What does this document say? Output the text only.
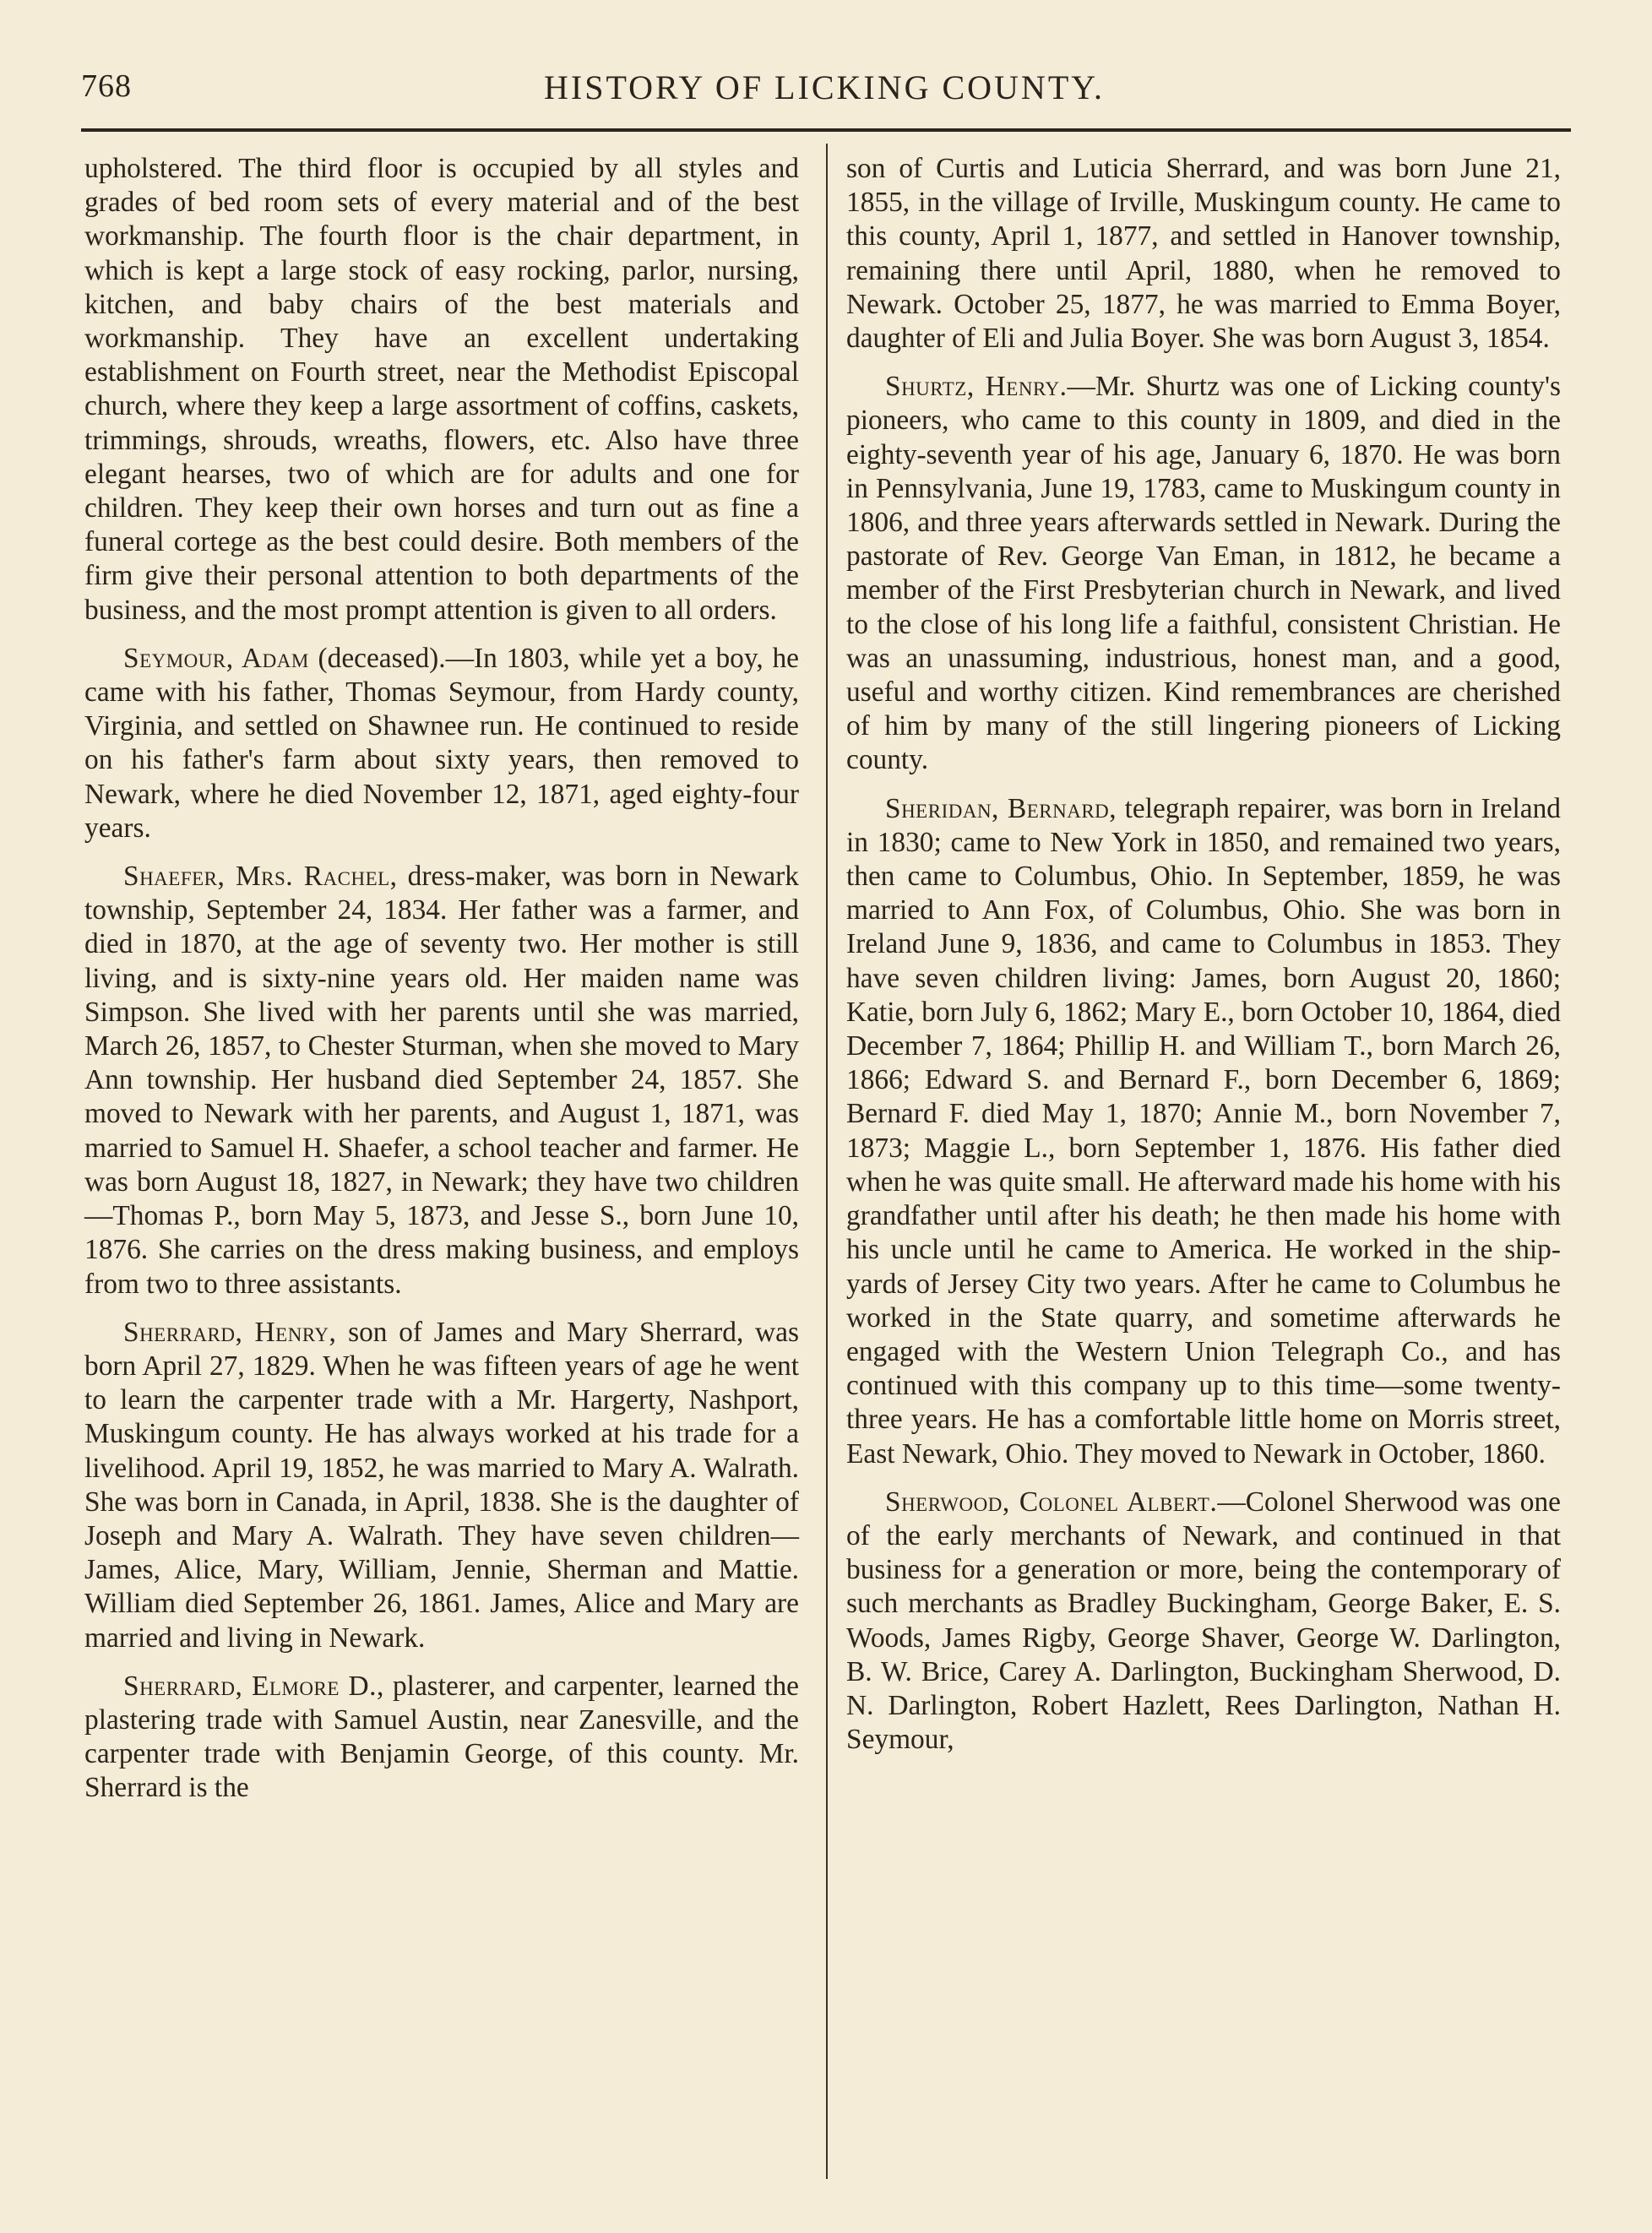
HISTORY OF LICKING COUNTY.
768

upholstered. The third floor is occupied by all styles and grades of bed room sets of every material and of the best workmanship. The fourth floor is the chair department, in which is kept a large stock of easy rocking, parlor, nursing, kitchen, and baby chairs of the best materials and workmanship. They have an excellent undertaking establishment on Fourth street, near the Methodist Episcopal church, where they keep a large assortment of coffins, caskets, trimmings, shrouds, wreaths, flowers, etc. Also have three elegant hearses, two of which are for adults and one for children. They keep their own horses and turn out as fine a funeral cortege as the best could desire. Both members of the firm give their personal attention to both departments of the business, and the most prompt attention is given to all orders.

Seymour, Adam (deceased).—In 1803, while yet a boy, he came with his father, Thomas Seymour, from Hardy county, Virginia, and settled on Shawnee run. He continued to reside on his father's farm about sixty years, then removed to Newark, where he died November 12, 1871, aged eighty-four years.

Shaefer, Mrs. Rachel, dress-maker, was born in Newark township, September 24, 1834. Her father was a farmer, and died in 1870, at the age of seventy two. Her mother is still living, and is sixty-nine years old. Her maiden name was Simpson. She lived with her parents until she was married, March 26, 1857, to Chester Sturman, when she moved to Mary Ann township. Her husband died September 24, 1857. She moved to Newark with her parents, and August 1, 1871, was married to Samuel H. Shaefer, a school teacher and farmer. He was born August 18, 1827, in Newark; they have two children—Thomas P., born May 5, 1873, and Jesse S., born June 10, 1876. She carries on the dress making business, and employs from two to three assistants.

Sherrard, Henry, son of James and Mary Sherrard, was born April 27, 1829. When he was fifteen years of age he went to learn the carpenter trade with a Mr. Hargerty, Nashport, Muskingum county. He has always worked at his trade for a livelihood. April 19, 1852, he was married to Mary A. Walrath. She was born in Canada, in April, 1838. She is the daughter of Joseph and Mary A. Walrath. They have seven children—James, Alice, Mary, William, Jennie, Sherman and Mattie. William died September 26, 1861. James, Alice and Mary are married and living in Newark.

Sherrard, Elmore D., plasterer, and carpenter, learned the plastering trade with Samuel Austin, near Zanesville, and the carpenter trade with Benjamin George, of this county. Mr. Sherrard is the

son of Curtis and Luticia Sherrard, and was born June 21, 1855, in the village of Irville, Muskingum county. He came to this county, April 1, 1877, and settled in Hanover township, remaining there until April, 1880, when he removed to Newark. October 25, 1877, he was married to Emma Boyer, daughter of Eli and Julia Boyer. She was born August 3, 1854.

Shurtz, Henry.—Mr. Shurtz was one of Licking county's pioneers, who came to this county in 1809, and died in the eighty-seventh year of his age, January 6, 1870. He was born in Pennsylvania, June 19, 1783, came to Muskingum county in 1806, and three years afterwards settled in Newark. During the pastorate of Rev. George Van Eman, in 1812, he became a member of the First Presbyterian church in Newark, and lived to the close of his long life a faithful, consistent Christian. He was an unassuming, industrious, honest man, and a good, useful and worthy citizen. Kind remembrances are cherished of him by many of the still lingering pioneers of Licking county.

Sheridan, Bernard, telegraph repairer, was born in Ireland in 1830; came to New York in 1850, and remained two years, then came to Columbus, Ohio. In September, 1859, he was married to Ann Fox, of Columbus, Ohio. She was born in Ireland June 9, 1836, and came to Columbus in 1853. They have seven children living: James, born August 20, 1860; Katie, born July 6, 1862; Mary E., born October 10, 1864, died December 7, 1864; Phillip H. and William T., born March 26, 1866; Edward S. and Bernard F., born December 6, 1869; Bernard F. died May 1, 1870; Annie M., born November 7, 1873; Maggie L., born September 1, 1876. His father died when he was quite small. He afterward made his home with his grandfather until after his death; he then made his home with his uncle until he came to America. He worked in the ship-yards of Jersey City two years. After he came to Columbus he worked in the State quarry, and sometime afterwards he engaged with the Western Union Telegraph Co., and has continued with this company up to this time—some twenty-three years. He has a comfortable little home on Morris street, East Newark, Ohio. They moved to Newark in October, 1860.

Sherwood, Colonel Albert.—Colonel Sherwood was one of the early merchants of Newark, and continued in that business for a generation or more, being the contemporary of such merchants as Bradley Buckingham, George Baker, E. S. Woods, James Rigby, George Shaver, George W. Darlington, B. W. Brice, Carey A. Darlington, Buckingham Sherwood, D. N. Darlington, Robert Hazlett, Rees Darlington, Nathan H. Seymour,
